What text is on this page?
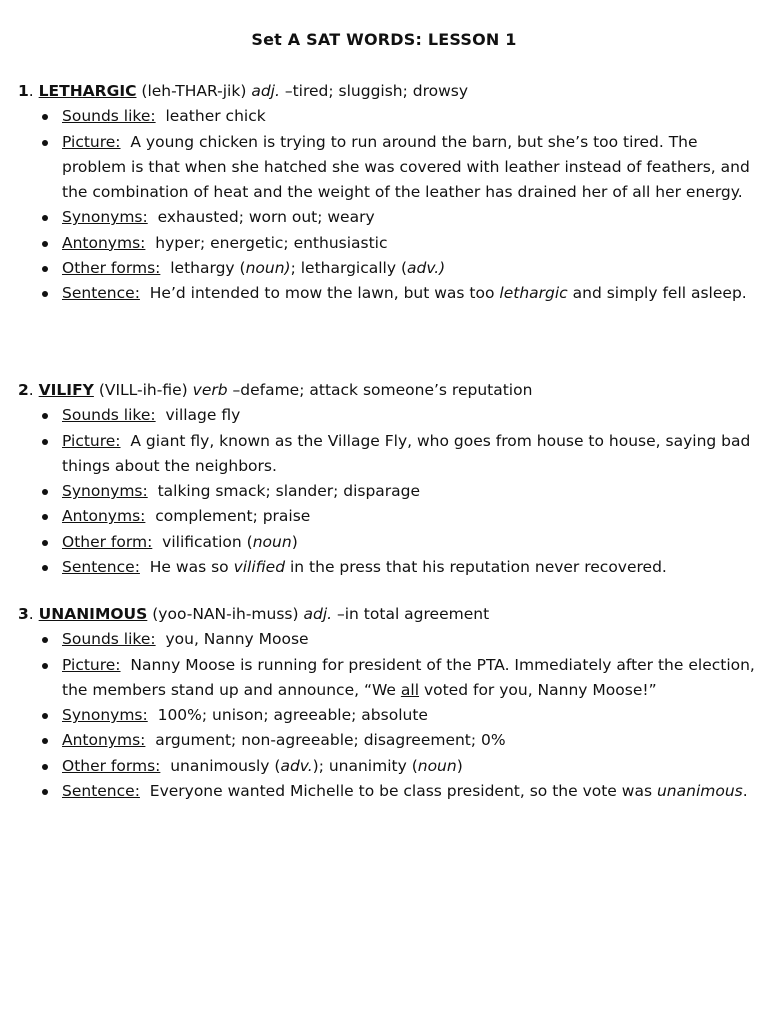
Set A SAT WORDS: LESSON 1
1. LETHARGIC (leh-THAR-jik) adj. –tired; sluggish; drowsy
Sounds like: leather chick
Picture: A young chicken is trying to run around the barn, but she’s too tired. The problem is that when she hatched she was covered with leather instead of feathers, and the combination of heat and the weight of the leather has drained her of all her energy.
Synonyms: exhausted; worn out; weary
Antonyms: hyper; energetic; enthusiastic
Other forms: lethargy (noun); lethargically (adv.)
Sentence: He’d intended to mow the lawn, but was too lethargic and simply fell asleep.
2. VILIFY (VILL-ih-fie) verb –defame; attack someone’s reputation
Sounds like: village fly
Picture: A giant fly, known as the Village Fly, who goes from house to house, saying bad things about the neighbors.
Synonyms: talking smack; slander; disparage
Antonyms: complement; praise
Other form: vilification (noun)
Sentence: He was so vilified in the press that his reputation never recovered.
3. UNANIMOUS (yoo-NAN-ih-muss) adj. –in total agreement
Sounds like: you, Nanny Moose
Picture: Nanny Moose is running for president of the PTA. Immediately after the election, the members stand up and announce, “We all voted for you, Nanny Moose!”
Synonyms: 100%; unison; agreeable; absolute
Antonyms: argument; non-agreeable; disagreement; 0%
Other forms: unanimously (adv.); unanimity (noun)
Sentence: Everyone wanted Michelle to be class president, so the vote was unanimous.
